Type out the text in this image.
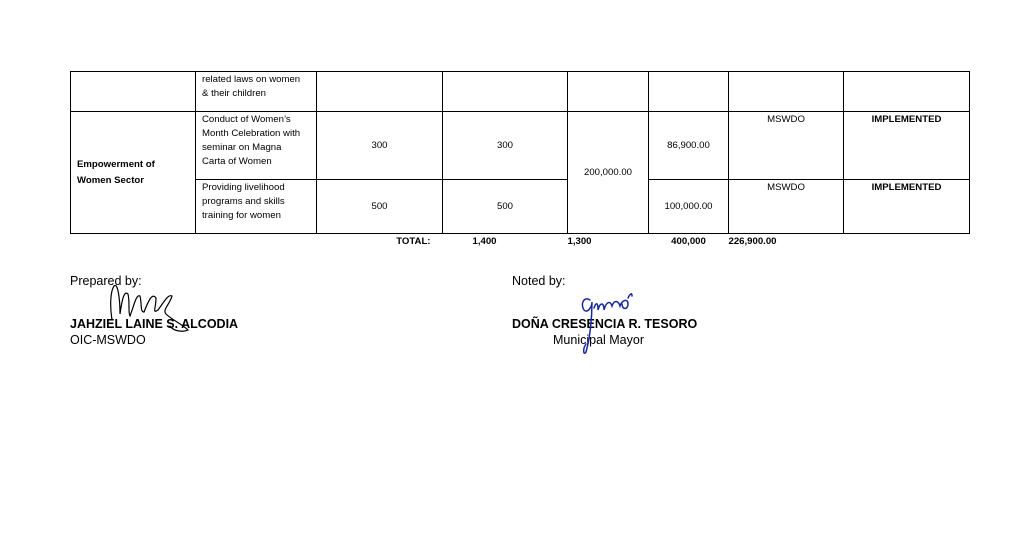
	related laws on women
& their children						
Empowerment of
Women Sector	Conduct of Women’s
Month Celebration with
seminar on Magna
Carta of Women	300	300	200,000.00	86,900.00	MSWDO	IMPLEMENTED
	Providing livelihood
programs and skills
training for women	500	500		100,000.00	MSWDO	IMPLEMENTED
	TOTAL:		1,400	1,300	400,000	226,900.00	
Prepared by:
JAHZIEL LAINE S. ALCODIA
OIC-MSWDO
Noted by:
DOÑA CRESENCIA R. TESORO
Municipal Mayor
